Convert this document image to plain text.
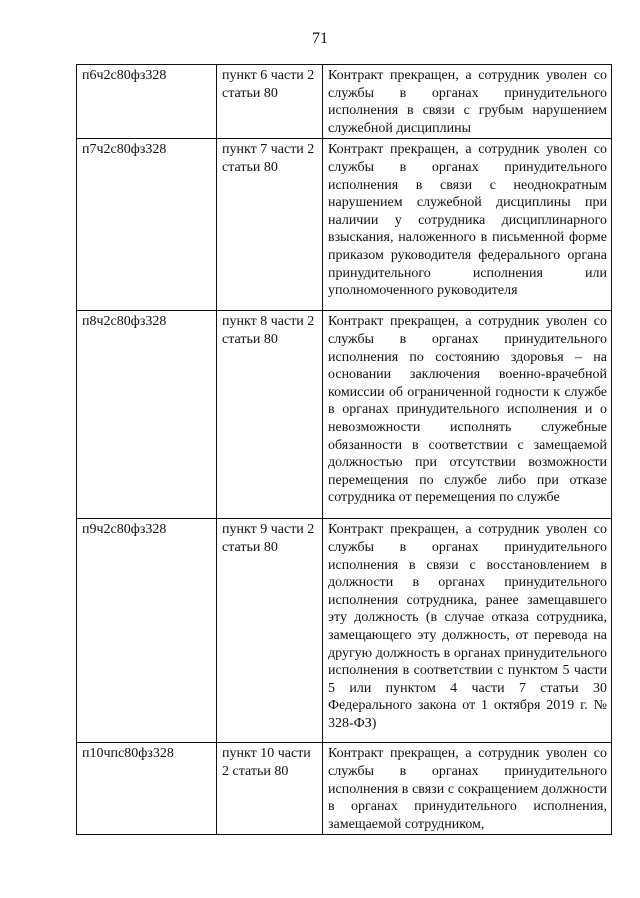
71
п6ч2с80фз328	пункт 6 части 2 статьи 80	Контракт прекращен, а сотрудник уволен со службы в органах принудительного исполнения в связи с грубым нарушением служебной дисциплины
п7ч2с80фз328	пункт 7 части 2 статьи 80	Контракт прекращен, а сотрудник уволен со службы в органах принудительного исполнения в связи с неоднократным нарушением служебной дисциплины при наличии у сотрудника дисциплинарного взыскания, наложенного в письменной форме приказом руководителя федерального органа принудительного исполнения или уполномоченного руководителя
п8ч2с80фз328	пункт 8 части 2 статьи 80	Контракт прекращен, а сотрудник уволен со службы в органах принудительного исполнения по состоянию здоровья – на основании заключения военно-врачебной комиссии об ограниченной годности к службе в органах принудительного исполнения и о невозможности исполнять служебные обязанности в соответствии с замещаемой должностью при отсутствии возможности перемещения по службе либо при отказе сотрудника от перемещения по службе
п9ч2с80фз328	пункт 9 части 2 статьи 80	Контракт прекращен, а сотрудник уволен со службы в органах принудительного исполнения в связи с восстановлением в должности в органах принудительного исполнения сотрудника, ранее замещавшего эту должность (в случае отказа сотрудника, замещающего эту должность, от перевода на другую должность в органах принудительного исполнения в соответствии с пунктом 5 части 5 или пунктом 4 части 7 статьи 30 Федерального закона от 1 октября 2019 г. № 328-ФЗ)
п10чпс80фз328	пункт 10 части 2 статьи 80	Контракт прекращен, а сотрудник уволен со службы в органах принудительного исполнения в связи с сокращением должности в органах принудительного исполнения, замещаемой сотрудником,
